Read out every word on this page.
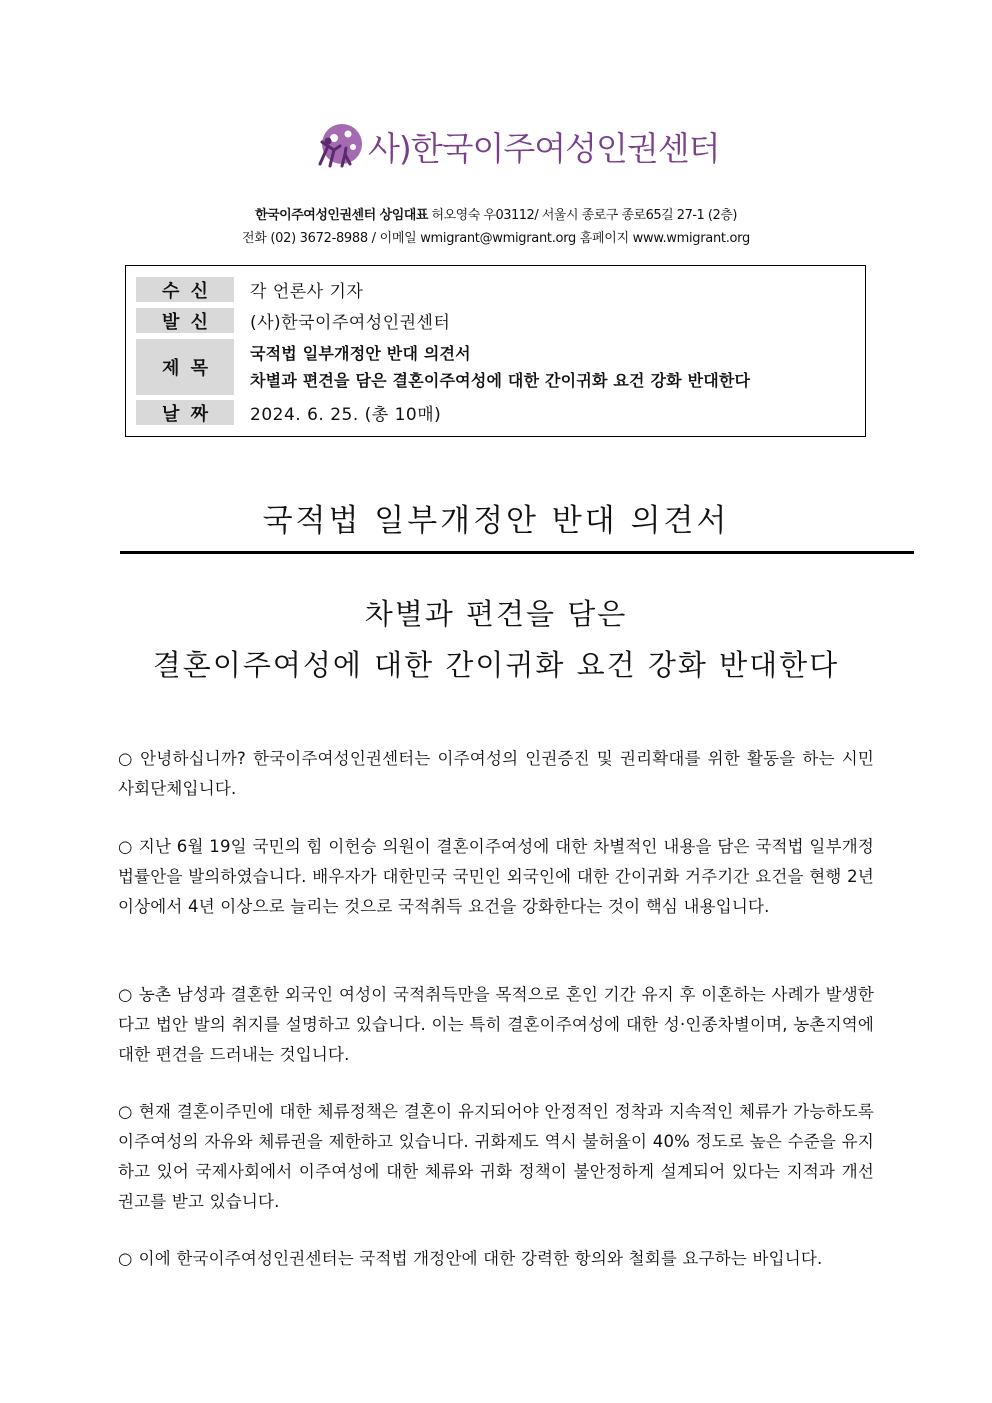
사)한국이주여성인권센터
한국이주여성인권센터 상임대표 허오영숙 우03112/ 서울시 종로구 종로65길 27-1 (2층)
전화 (02) 3672-8988 / 이메일 wmigrant@wmigrant.org 홈페이지 www.wmigrant.org
수 신 각 언론사 기자
발 신 (사)한국이주여성인권센터
제 목
국적법 일부개정안 반대 의견서
차별과 편견을 담은 결혼이주여성에 대한 간이귀화 요건 강화 반대한다
날 짜 2024. 6. 25. (총 10매)
국적법 일부개정안 반대 의견서
차별과 편견을 담은
결혼이주여성에 대한 간이귀화 요건 강화 반대한다
○ 안녕하십니까? 한국이주여성인권센터는 이주여성의 인권증진 및 권리확대를 위한 활동을 하는 시민사회단체입니다.
○ 지난 6월 19일 국민의 힘 이헌승 의원이 결혼이주여성에 대한 차별적인 내용을 담은 국적법 일부개정 법률안을 발의하였습니다. 배우자가 대한민국 국민인 외국인에 대한 간이귀화 거주기간 요건을 현행 2년 이상에서 4년 이상으로 늘리는 것으로 국적취득 요건을 강화한다는 것이 핵심 내용입니다.
○ 농촌 남성과 결혼한 외국인 여성이 국적취득만을 목적으로 혼인 기간 유지 후 이혼하는 사례가 발생한다고 법안 발의 취지를 설명하고 있습니다. 이는 특히 결혼이주여성에 대한 성·인종차별이며, 농촌지역에 대한 편견을 드러내는 것입니다.
○ 현재 결혼이주민에 대한 체류정책은 결혼이 유지되어야 안정적인 정착과 지속적인 체류가 가능하도록 이주여성의 자유와 체류권을 제한하고 있습니다. 귀화제도 역시 불허율이 40% 정도로 높은 수준을 유지하고 있어 국제사회에서 이주여성에 대한 체류와 귀화 정책이 불안정하게 설계되어 있다는 지적과 개선 권고를 받고 있습니다.
○ 이에 한국이주여성인권센터는 국적법 개정안에 대한 강력한 항의와 철회를 요구하는 바입니다.
